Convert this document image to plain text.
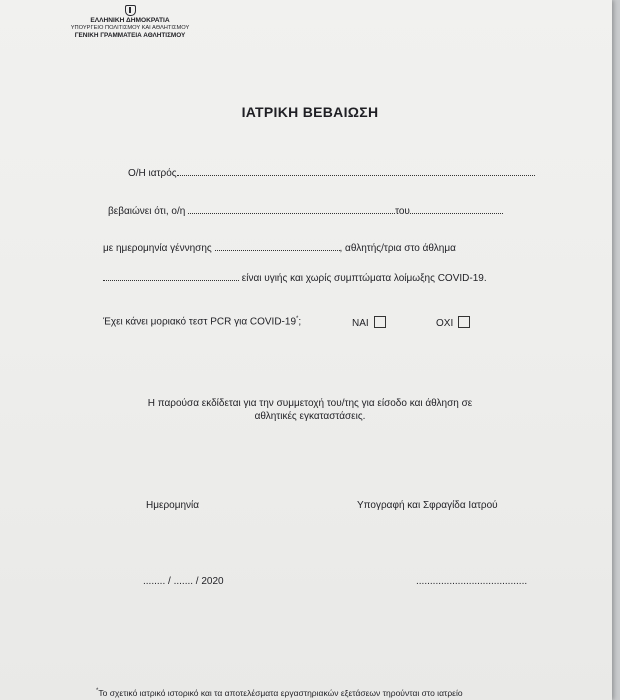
ΕΛΛΗΝΙΚΗ ΔΗΜΟΚΡΑΤΙΑ
ΥΠΟΥΡΓΕΙΟ ΠΟΛΙΤΙΣΜΟΥ ΚΑΙ ΑΘΛΗΤΙΣΜΟΥ
ΓΕΝΙΚΗ ΓΡΑΜΜΑΤΕΙΑ ΑΘΛΗΤΙΣΜΟΥ
ΙΑΤΡΙΚΗ ΒΕΒΑΙΩΣΗ
Ο/Η ιατρός
βεβαιώνει ότι, ο/η	του
με ημερομηνία γέννησης	, αθλητής/τρια στο άθλημα
είναι υγιής και χωρίς συμπτώματα λοίμωξης COVID-19.
Έχει κάνει μοριακό τεστ PCR για COVID-19*;	ΝΑΙ	ΟΧΙ
Η παρούσα εκδίδεται για την συμμετοχή του/της για είσοδο και άθληση σε
αθλητικές εγκαταστάσεις.
Ημερομηνία	Υπογραφή και Σφραγίδα Ιατρού
........ / ....... / 2020	........................................
*Το σχετικό ιατρικό ιστορικό και τα αποτελέσματα εργαστηριακών εξετάσεων τηρούνται στο ιατρείο
